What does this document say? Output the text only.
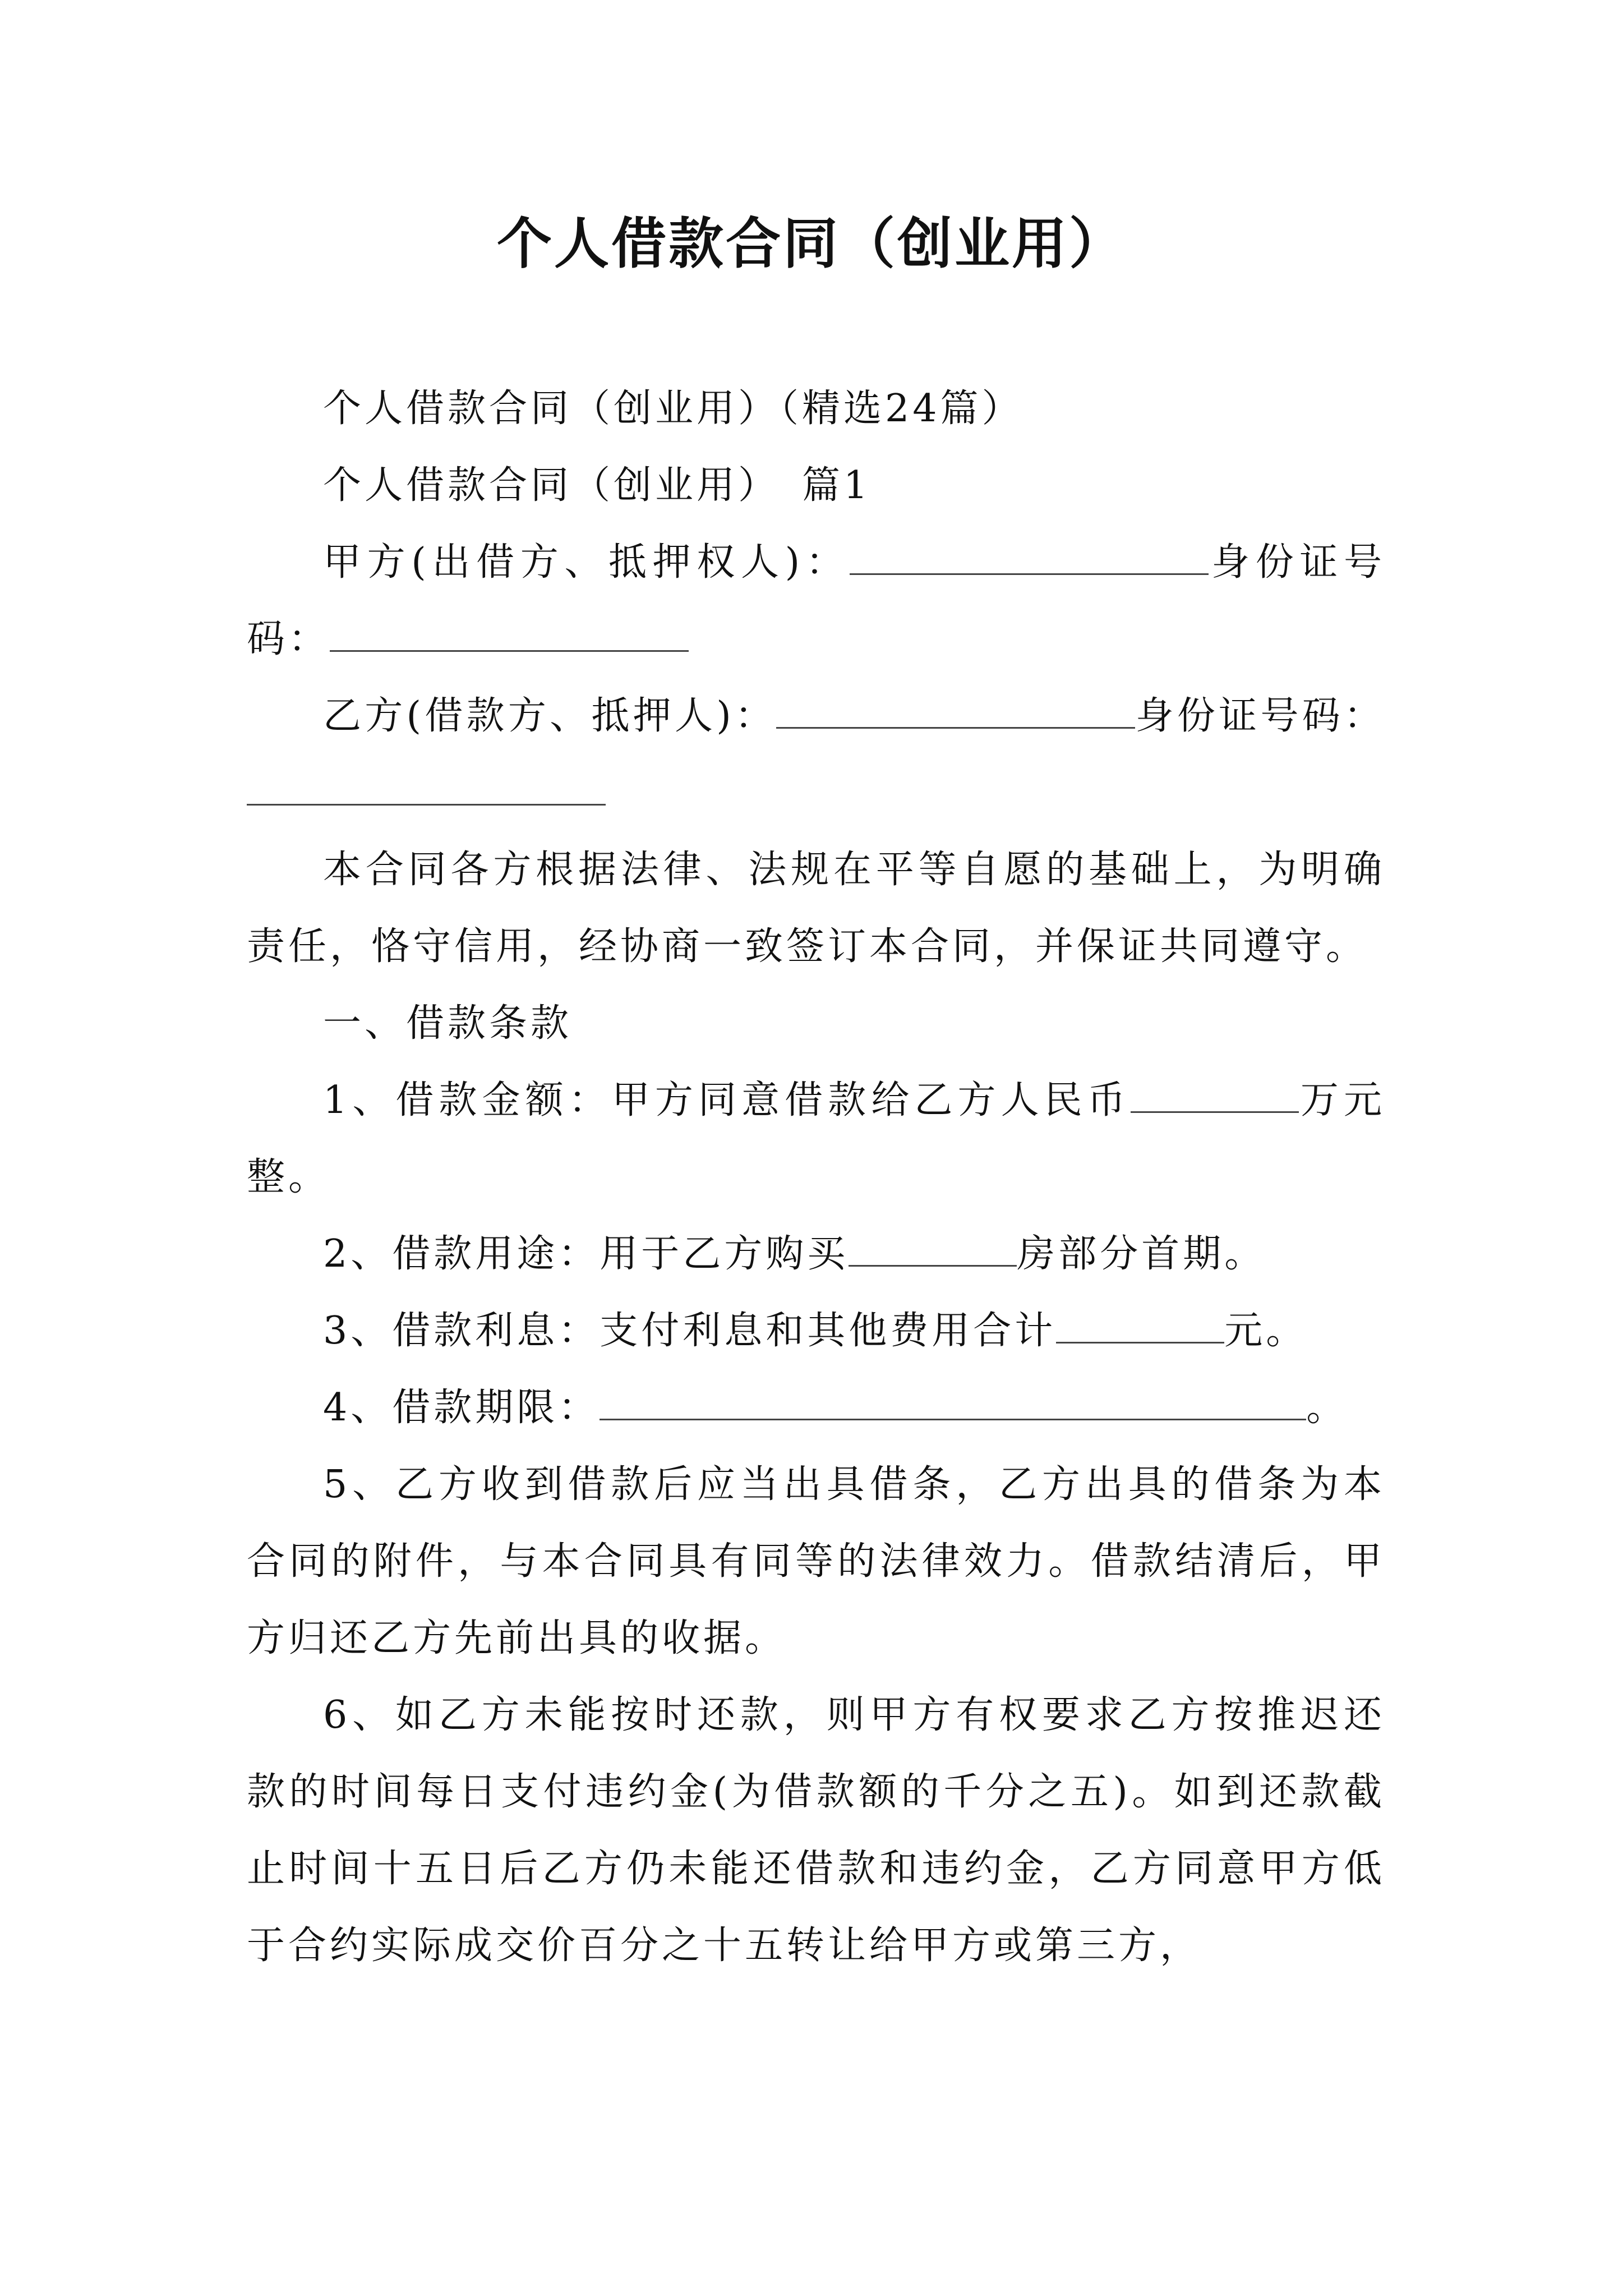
个人借款合同（创业用）

个人借款合同（创业用）（精选24篇）

个人借款合同（创业用）　篇1

甲方(出借方、抵押权人)：	身份证号码：

乙方(借款方、抵押人)：	身份证号码：

本合同各方根据法律、法规在平等自愿的基础上，为明确责任，恪守信用，经协商一致签订本合同，并保证共同遵守。

一、借款条款

1、借款金额：甲方同意借款给乙方人民币	万元整。

2、借款用途：用于乙方购买	房部分首期。

3、借款利息：支付利息和其他费用合计	元。

4、借款期限：	。

5、乙方收到借款后应当出具借条，乙方出具的借条为本合同的附件，与本合同具有同等的法律效力。借款结清后，甲方归还乙方先前出具的收据。

6、如乙方未能按时还款，则甲方有权要求乙方按推迟还款的时间每日支付违约金(为借款额的千分之五)。如到还款截止时间十五日后乙方仍未能还借款和违约金，乙方同意甲方低于合约实际成交价百分之十五转让给甲方或第三方，
